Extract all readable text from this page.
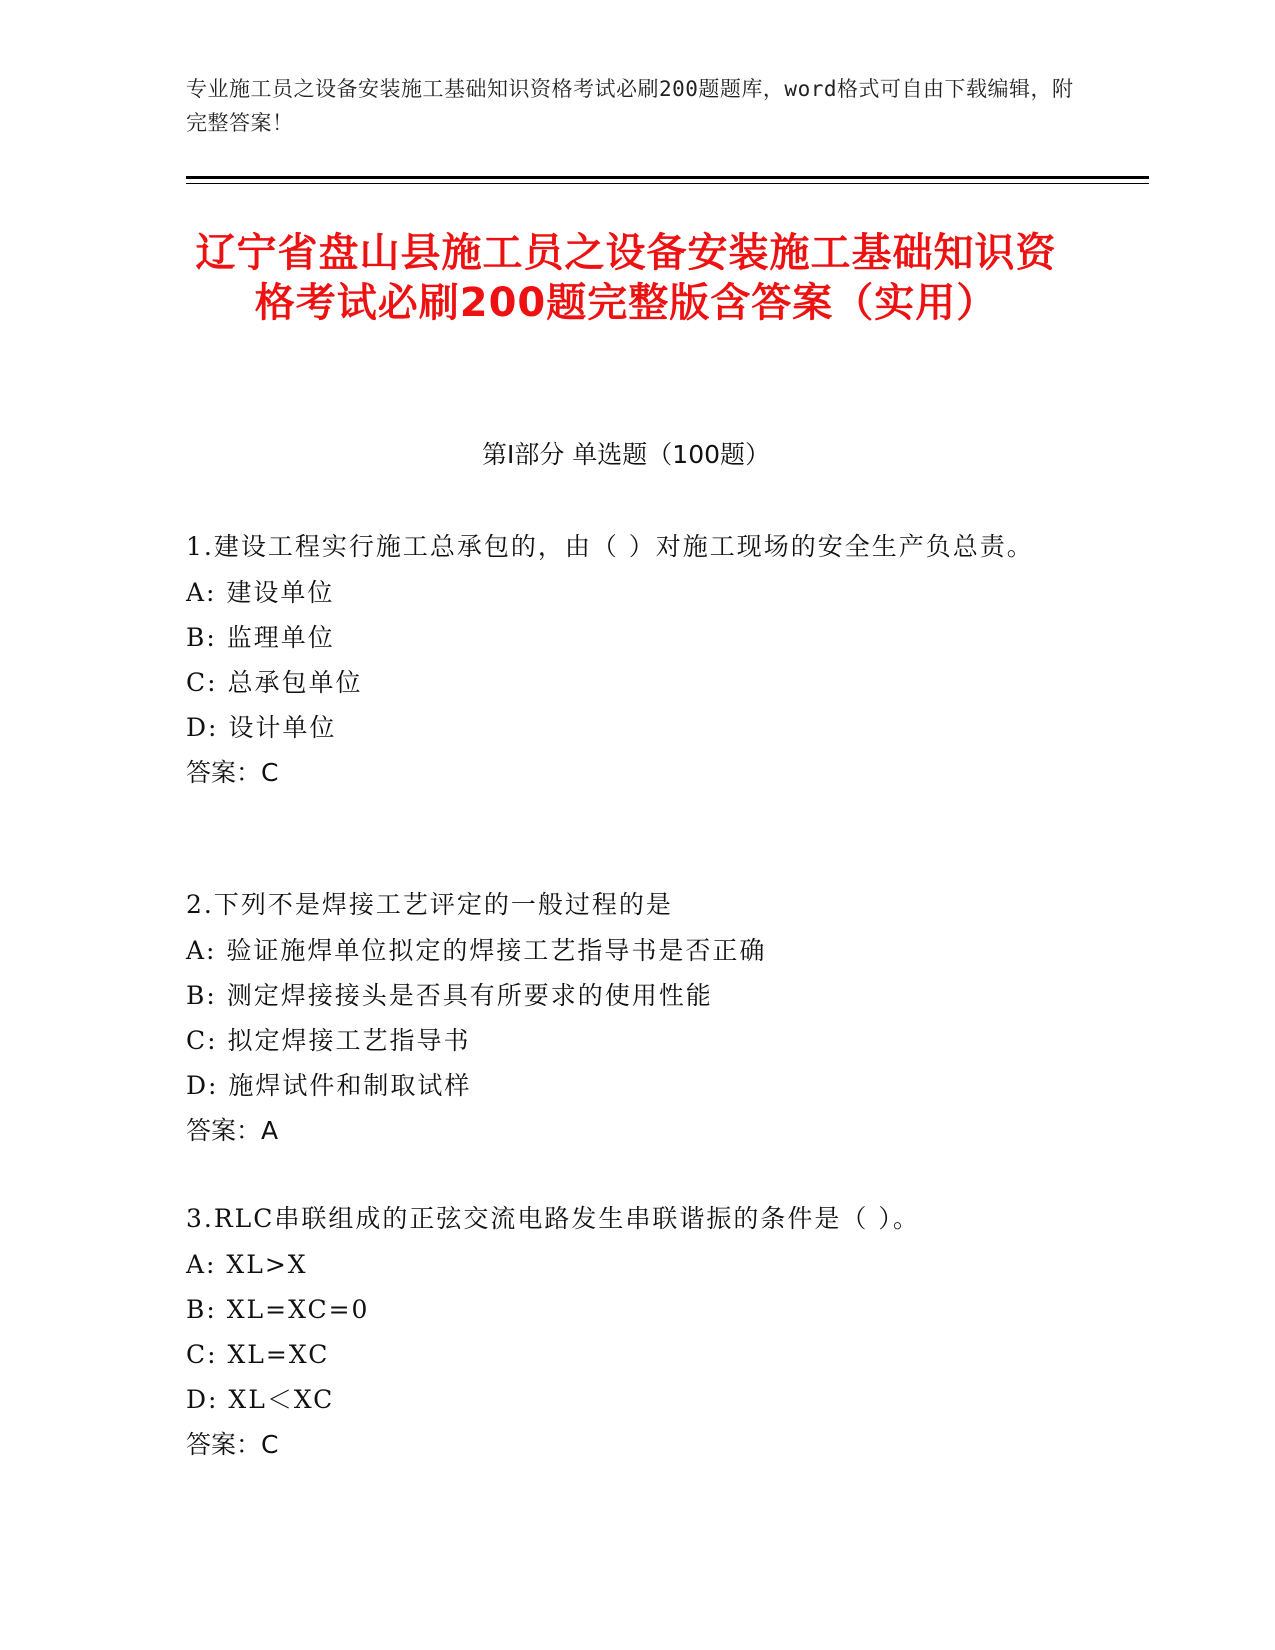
专业施工员之设备安装施工基础知识资格考试必刷200题题库，word格式可自由下载编辑，附完整答案！
辽宁省盘山县施工员之设备安装施工基础知识资格考试必刷200题完整版含答案（实用）
第Ⅰ部分 单选题（100题）

1.建设工程实行施工总承包的，由（ ）对施工现场的安全生产负总责。

A: 建设单位

B: 监理单位

C: 总承包单位

D: 设计单位

答案：C

2.下列不是焊接工艺评定的一般过程的是

A: 验证施焊单位拟定的焊接工艺指导书是否正确

B: 测定焊接接头是否具有所要求的使用性能

C: 拟定焊接工艺指导书

D: 施焊试件和制取试样

答案：A

3.RLC串联组成的正弦交流电路发生串联谐振的条件是（ ）。

A: XL>X

B: XL=XC=0

C: XL=XC

D: XL＜XC

答案：C
